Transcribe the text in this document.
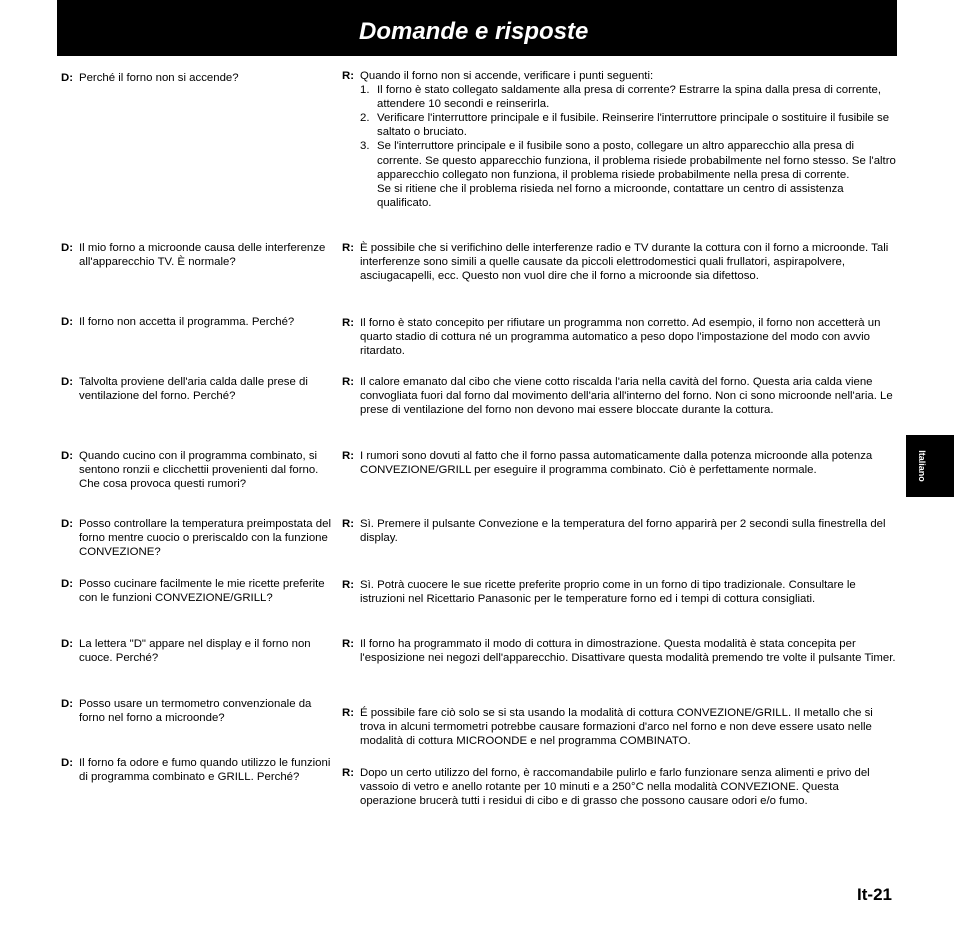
Domande e risposte
Italiano
D: Perché il forno non si accende?	R: Quando il forno non si accende, verificare i punti seguenti:
1. Il forno è stato collegato saldamente alla presa di corrente? Estrarre la spina dalla presa di corrente, attendere 10 secondi e reinserirla.
2. Verificare l'interruttore principale e il fusibile. Reinserire l'interruttore principale o sostituire il fusibile se saltato o bruciato.
3. Se l'interruttore principale e il fusibile sono a posto, collegare un altro apparecchio alla presa di corrente. Se questo apparecchio funziona, il problema risiede probabilmente nel forno stesso. Se l'altro apparecchio collegato non funziona, il problema risiede probabilmente nella presa di corrente.
Se si ritiene che il problema risieda nel forno a microonde, contattare un centro di assistenza qualificato.
D: Il mio forno a microonde causa delle interferenze all'apparecchio TV. È normale?
R: È possibile che si verifichino delle interferenze radio e TV durante la cottura con il forno a microonde. Tali interferenze sono simili a quelle causate da piccoli elettrodomestici quali frullatori, aspirapolvere, asciugacapelli, ecc. Questo non vuol dire che il forno a microonde sia difettoso.
D: Il forno non accetta il programma. Perché?	R: Il forno è stato concepito per rifiutare un programma non corretto. Ad esempio, il forno non accetterà un quarto stadio di cottura né un programma automatico a peso dopo l'impostazione del modo con avvio ritardato.
D: Talvolta proviene dell'aria calda dalle prese di ventilazione del forno. Perché?
R: Il calore emanato dal cibo che viene cotto riscalda l'aria nella cavità del forno. Questa aria calda viene convogliata fuori dal forno dal movimento dell'aria all'interno del forno. Non ci sono microonde nell'aria. Le prese di ventilazione del forno non devono mai essere bloccate durante la cottura.
D: Quando cucino con il programma combinato, si sentono ronzii e clicchettii provenienti dal forno. Che cosa provoca questi rumori?
R: I rumori sono dovuti al fatto che il forno passa automaticamente dalla potenza microonde alla potenza CONVEZIONE/GRILL per eseguire il programma combinato. Ciò è perfettamente normale.
D: Posso controllare la temperatura preimpostata del forno mentre cuocio o preriscaldo con la funzione CONVEZIONE?
R: Sì. Premere il pulsante Convezione e la temperatura del forno apparirà per 2 secondi sulla finestrella del display.
D: Posso cucinare facilmente le mie ricette preferite con le funzioni CONVEZIONE/GRILL?
R: Sì. Potrà cuocere le sue ricette preferite proprio come in un forno di tipo tradizionale. Consultare le istruzioni nel Ricettario Panasonic per le temperature forno ed i tempi di cottura consigliati.
D: La lettera "D" appare nel display e il forno non cuoce. Perché?
R: Il forno ha programmato il modo di cottura in dimostrazione. Questa modalità è stata concepita per l'esposizione nei negozi dell'apparecchio. Disattivare questa modalità premendo tre volte il pulsante Timer.
D: Posso usare un termometro convenzionale da forno nel forno a microonde?	R: É possibile fare ciò solo se si sta usando la modalità di cottura CONVEZIONE/GRILL. Il metallo che si trova in alcuni termometri potrebbe causare formazioni d'arco nel forno e non deve essere usato nelle modalità di cottura MICROONDE e nel programma COMBINATO.
D: Il forno fa odore e fumo quando utilizzo le funzioni di programma combinato e GRILL. Perché?	R: Dopo un certo utilizzo del forno, è raccomandabile pulirlo e farlo funzionare senza alimenti e privo del vassoio di vetro e anello rotante per 10 minuti e a 250°C nella modalità CONVEZIONE. Questa operazione brucerà tutti i residui di cibo e di grasso che possono causare odori e/o fumo.
It-21
